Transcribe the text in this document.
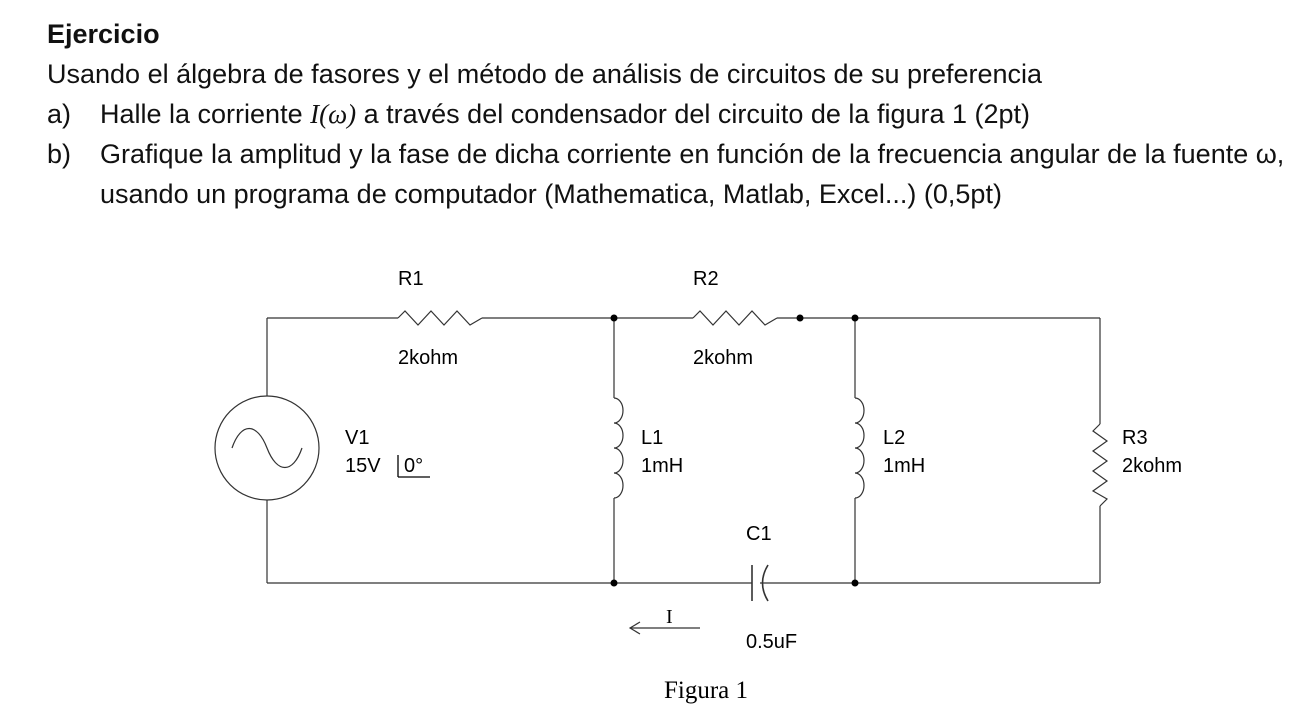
Ejercicio
Usando el álgebra de fasores y el método de análisis de circuitos de su preferencia
a) Halle la corriente I(ω) a través del condensador del circuito de la figura 1 (2pt)
b) Grafique la amplitud y la fase de dicha corriente en función de la frecuencia angular de la fuente ω, usando un programa de computador (Mathematica, Matlab, Excel...) (0,5pt)
I
R1
2kohm
R2
2kohm
V1
15V 0°
L1
1mH
L2
1mH
R3
2kohm
C1
0.5uF
Figura 1
